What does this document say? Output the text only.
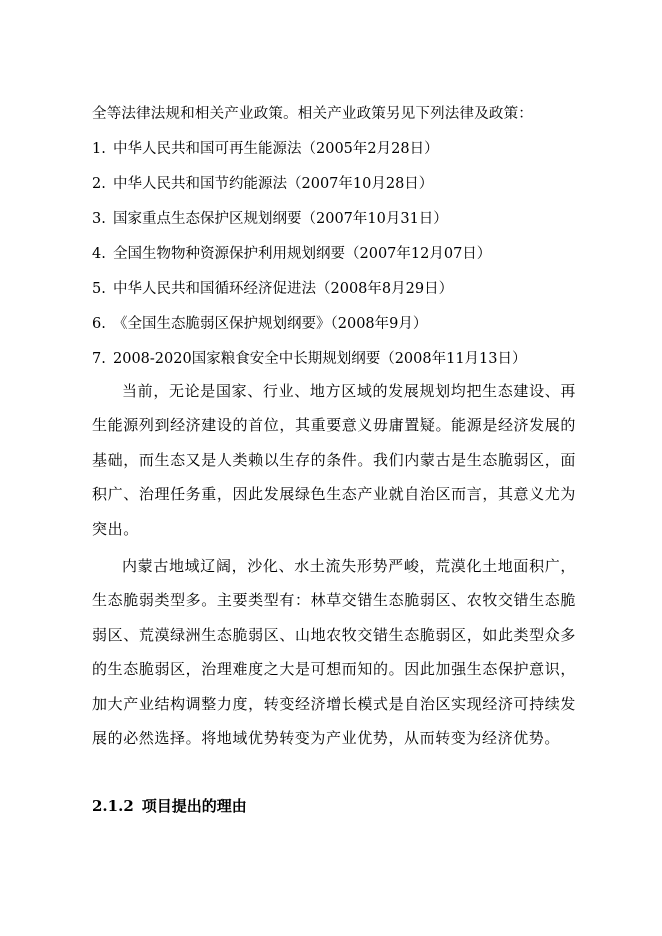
全等法律法规和相关产业政策。相关产业政策另见下列法律及政策：
1. 中华人民共和国可再生能源法（2005年2月28日）
2. 中华人民共和国节约能源法（2007年10月28日）
3. 国家重点生态保护区规划纲要（2007年10月31日）
4. 全国生物物种资源保护利用规划纲要（2007年12月07日）
5. 中华人民共和国循环经济促进法（2008年8月29日）
6. 《全国生态脆弱区保护规划纲要》（2008年9月）
7. 2008-2020国家粮食安全中长期规划纲要（2008年11月13日）
当前，无论是国家、行业、地方区域的发展规划均把生态建设、再生能源列到经济建设的首位，其重要意义毋庸置疑。能源是经济发展的基础，而生态又是人类赖以生存的条件。我们内蒙古是生态脆弱区，面积广、治理任务重，因此发展绿色生态产业就自治区而言，其意义尤为突出。
内蒙古地域辽阔，沙化、水土流失形势严峻，荒漠化土地面积广，生态脆弱类型多。主要类型有：林草交错生态脆弱区、农牧交错生态脆弱区、荒漠绿洲生态脆弱区、山地农牧交错生态脆弱区，如此类型众多的生态脆弱区，治理难度之大是可想而知的。因此加强生态保护意识，加大产业结构调整力度，转变经济增长模式是自治区实现经济可持续发展的必然选择。将地域优势转变为产业优势，从而转变为经济优势。
2.1.2 项目提出的理由
